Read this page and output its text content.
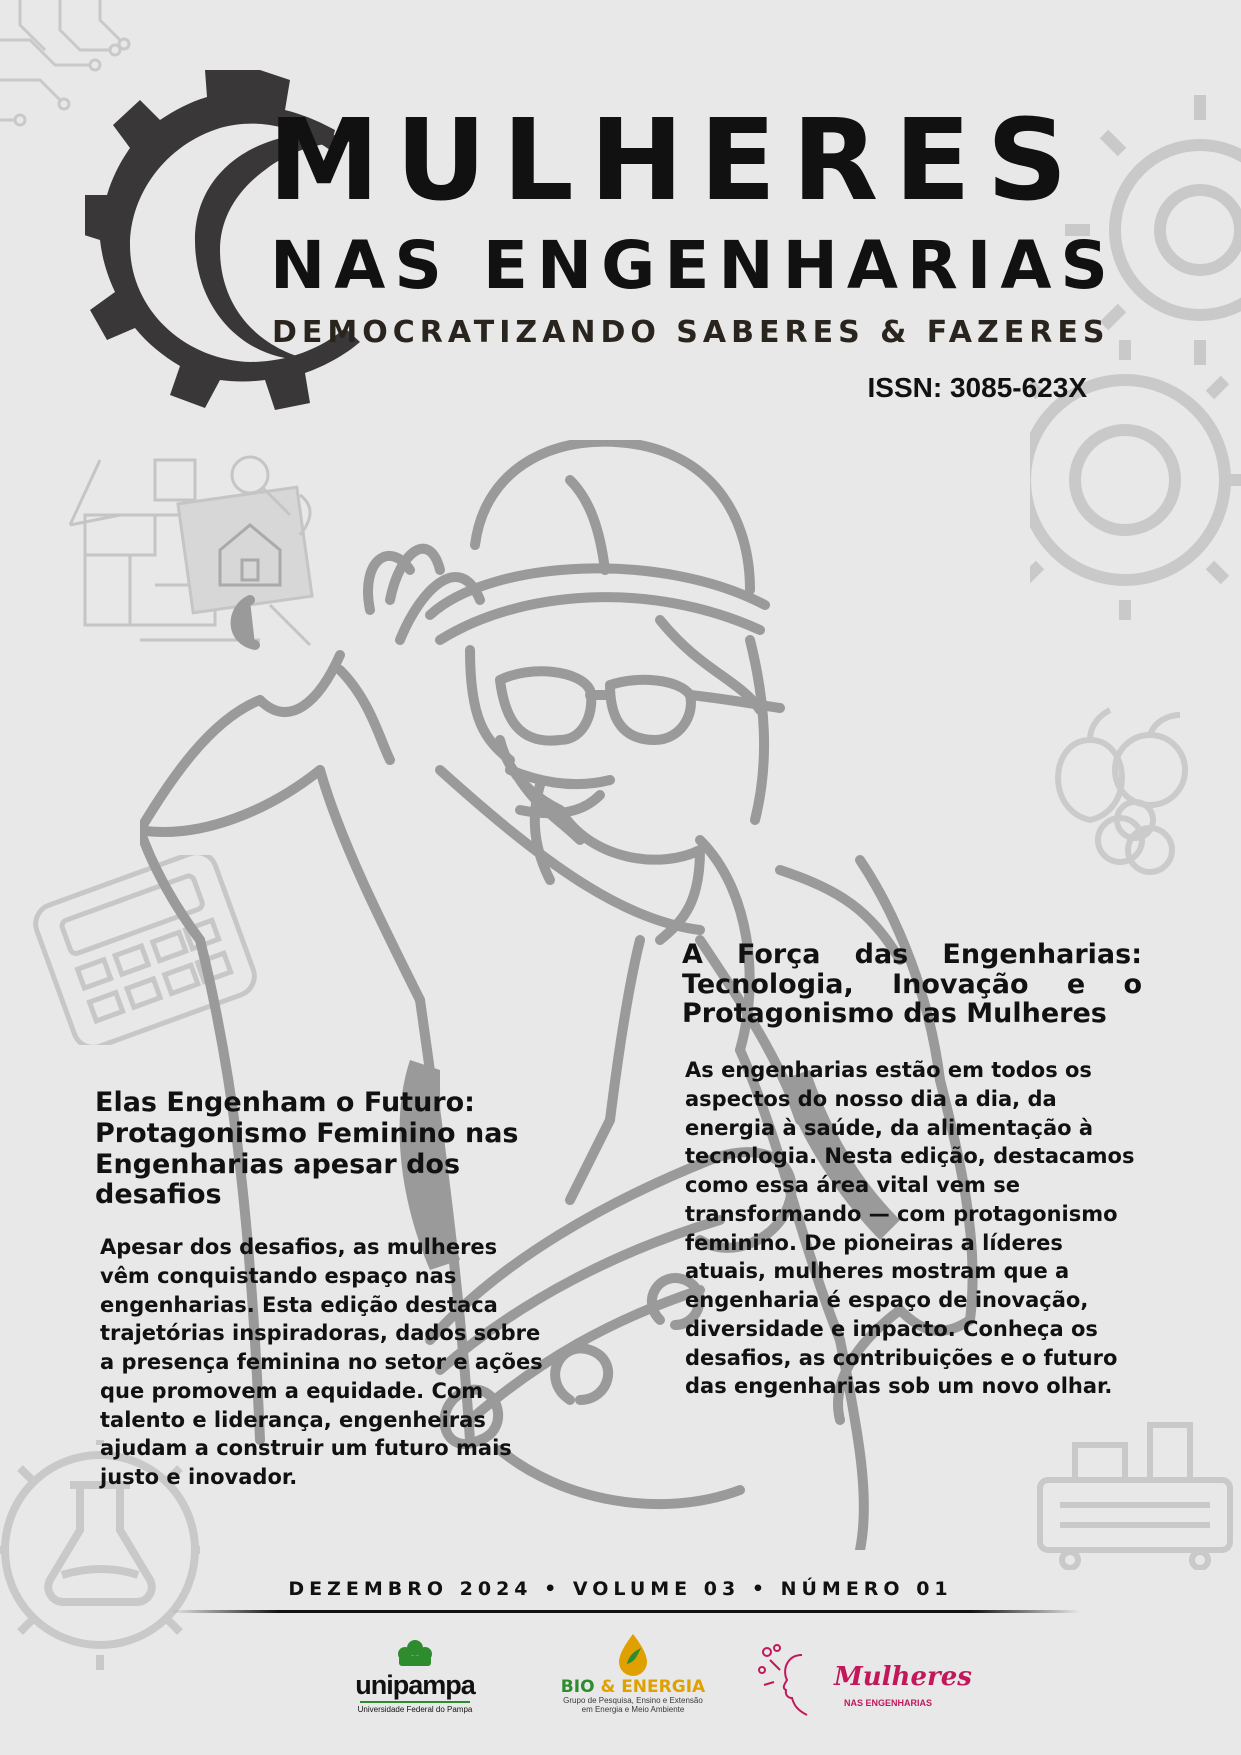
MULHERES
NAS ENGENHARIAS
DEMOCRATIZANDO SABERES & FAZERES
ISSN: 3085-623X
Elas Engenham o Futuro: Protagonismo Feminino nas Engenharias apesar dos desafios

Apesar dos desafios, as mulheres vêm conquistando espaço nas engenharias. Esta edição destaca trajetórias inspiradoras, dados sobre a presença feminina no setor e ações que promovem a equidade. Com talento e liderança, engenheiras ajudam a construir um futuro mais justo e inovador.

A Força das Engenharias: Tecnologia, Inovação e o Protagonismo das Mulheres

As engenharias estão em todos os aspectos do nosso dia a dia, da energia à saúde, da alimentação à tecnologia. Nesta edição, destacamos como essa área vital vem se transformando — com protagonismo feminino. De pioneiras a líderes atuais, mulheres mostram que a engenharia é espaço de inovação, diversidade e impacto. Conheça os desafios, as contribuições e o futuro das engenharias sob um novo olhar.

DEZEMBRO 2024 • VOLUME 03 • NÚMERO 01
unipampa
Universidade Federal do Pampa
BIO & ENERGIA
Grupo de Pesquisa, Ensino e Extensão
em Energia e Meio Ambiente
Mulheres
NAS ENGENHARIAS
